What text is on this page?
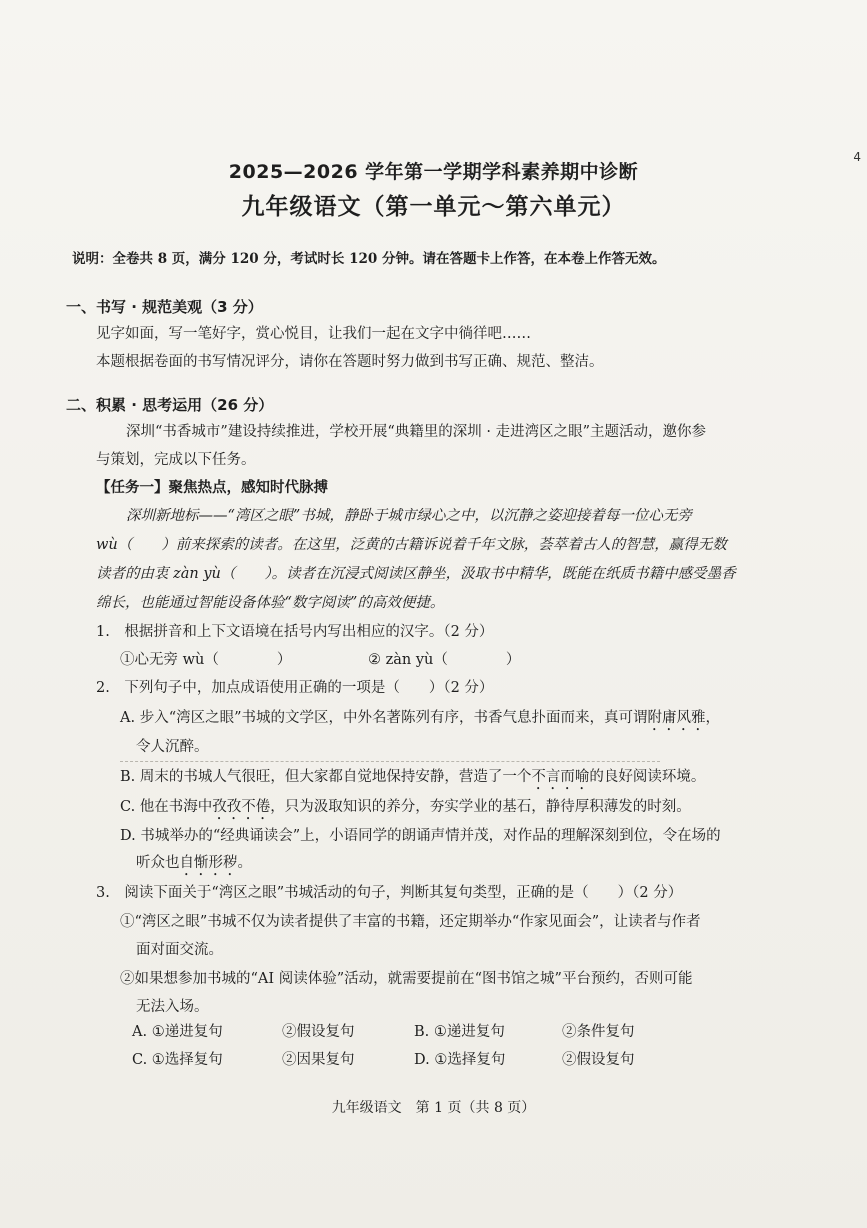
4
2025—2026 学年第一学期学科素养期中诊断
九年级语文（第一单元～第六单元）
说明：全卷共 8 页，满分 120 分，考试时长 120 分钟。请在答题卡上作答，在本卷上作答无效。
一、书写 · 规范美观（3 分）
见字如面，写一笔好字，赏心悦目，让我们一起在文字中徜徉吧……
本题根据卷面的书写情况评分，请你在答题时努力做到书写正确、规范、整洁。
二、积累 · 思考运用（26 分）
深圳“书香城市”建设持续推进，学校开展“典籍里的深圳 · 走进湾区之眼”主题活动，邀你参
与策划，完成以下任务。
【任务一】聚焦热点，感知时代脉搏
深圳新地标——“湾区之眼”书城，静卧于城市绿心之中，以沉静之姿迎接着每一位心无旁
wù（　　）前来探索的读者。在这里，泛黄的古籍诉说着千年文脉，荟萃着古人的智慧，赢得无数
读者的由衷 zàn yù（　　）。读者在沉浸式阅读区静坐，汲取书中精华，既能在纸质书籍中感受墨香
绵长，也能通过智能设备体验“数字阅读”的高效便捷。
1.　根据拼音和上下文语境在括号内写出相应的汉字。（2 分）
①心无旁 wù（　　　　）	② zàn yù（　　　　）
2.　下列句子中，加点成语使用正确的一项是（　　）（2 分）
A. 步入“湾区之眼”书城的文学区，中外名著陈列有序，书香气息扑面而来，真可谓附庸风雅，
令人沉醉。
B. 周末的书城人气很旺，但大家都自觉地保持安静，营造了一个不言而喻的良好阅读环境。
C. 他在书海中孜孜不倦，只为汲取知识的养分，夯实学业的基石，静待厚积薄发的时刻。
D. 书城举办的“经典诵读会”上，小语同学的朗诵声情并茂，对作品的理解深刻到位，令在场的
听众也自惭形秽。
3.　阅读下面关于“湾区之眼”书城活动的句子，判断其复句类型，正确的是（　　）（2 分）
①“湾区之眼”书城不仅为读者提供了丰富的书籍，还定期举办“作家见面会”，让读者与作者
面对面交流。
②如果想参加书城的“AI 阅读体验”活动，就需要提前在“图书馆之城”平台预约，否则可能
无法入场。
A. ①递进复句	②假设复句	B. ①递进复句	②条件复句
C. ①选择复句	②因果复句	D. ①选择复句	②假设复句
九年级语文　第 1 页（共 8 页）
